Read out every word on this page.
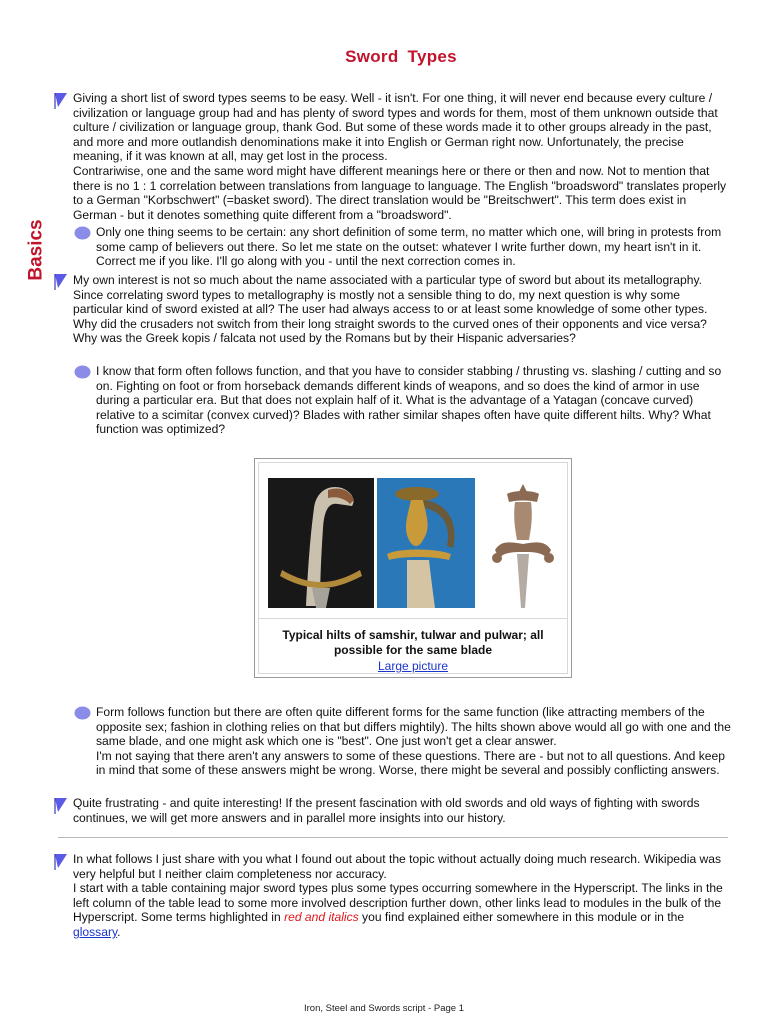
Sword Types
Basics

Giving a short list of sword types seems to be easy. Well - it isn't. For one thing, it will never end because every culture / civilization or language group had and has plenty of sword types and words for them, most of them unknown outside that culture / civilization or language group, thank God. But some of these words made it to other groups already in the past, and more and more outlandish denominations make it into English or German right now. Unfortunately, the precise meaning, if it was known at all, may get lost in the process.

Contrariwise, one and the same word might have different meanings here or there or then and now. Not to mention that there is no 1 : 1 correlation between translations from language to language. The English "broadsword" translates properly to a German "Korbschwert" (=basket sword). The direct translation would be "Breitschwert". This term does exist in German - but it denotes something quite different from a "broadsword".

Only one thing seems to be certain: any short definition of some term, no matter which one, will bring in protests from some camp of believers out there. So let me state on the outset: whatever I write further down, my heart isn't in it. Correct me if you like. I'll go along with you - until the next correction comes in.

My own interest is not so much about the name associated with a particular type of sword but about its metallography. Since correlating sword types to metallography is mostly not a sensible thing to do, my next question is why some particular kind of sword existed at all? The user had always access to or at least some knowledge of some other types. Why did the crusaders not switch from their long straight swords to the curved ones of their opponents and vice versa? Why was the Greek kopis / falcata not used by the Romans but by their Hispanic adversaries?

I know that form often follows function, and that you have to consider stabbing / thrusting vs. slashing / cutting and so on. Fighting on foot or from horseback demands different kinds of weapons, and so does the kind of armor in use during a particular era. But that does not explain half of it. What is the advantage of a Yatagan (concave curved) relative to a scimitar (convex curved)? Blades with rather similar shapes often have quite different hilts. Why? What function was optimized?

Typical hilts of samshir, tulwar and pulwar; all possible for the same blade
Large picture

Form follows function but there are often quite different forms for the same function (like attracting members of the opposite sex; fashion in clothing relies on that but differs mightily). The hilts shown above would all go with one and the same blade, and one might ask which one is "best". One just won't get a clear answer.

I'm not saying that there aren't any answers to some of these questions. There are - but not to all questions. And keep in mind that some of these answers might be wrong. Worse, there might be several and possibly conflicting answers.

Quite frustrating - and quite interesting! If the present fascination with old swords and old ways of fighting with swords continues, we will get more answers and in parallel more insights into our history.

In what follows I just share with you what I found out about the topic without actually doing much research. Wikipedia was very helpful but I neither claim completeness nor accuracy.

I start with a table containing major sword types plus some types occurring somewhere in the Hyperscript. The links in the left column of the table lead to some more involved description further down, other links lead to modules in the bulk of the Hyperscript. Some terms highlighted in red and italics you find explained either somewhere in this module or in the glossary.

Iron, Steel and Swords script - Page 1
